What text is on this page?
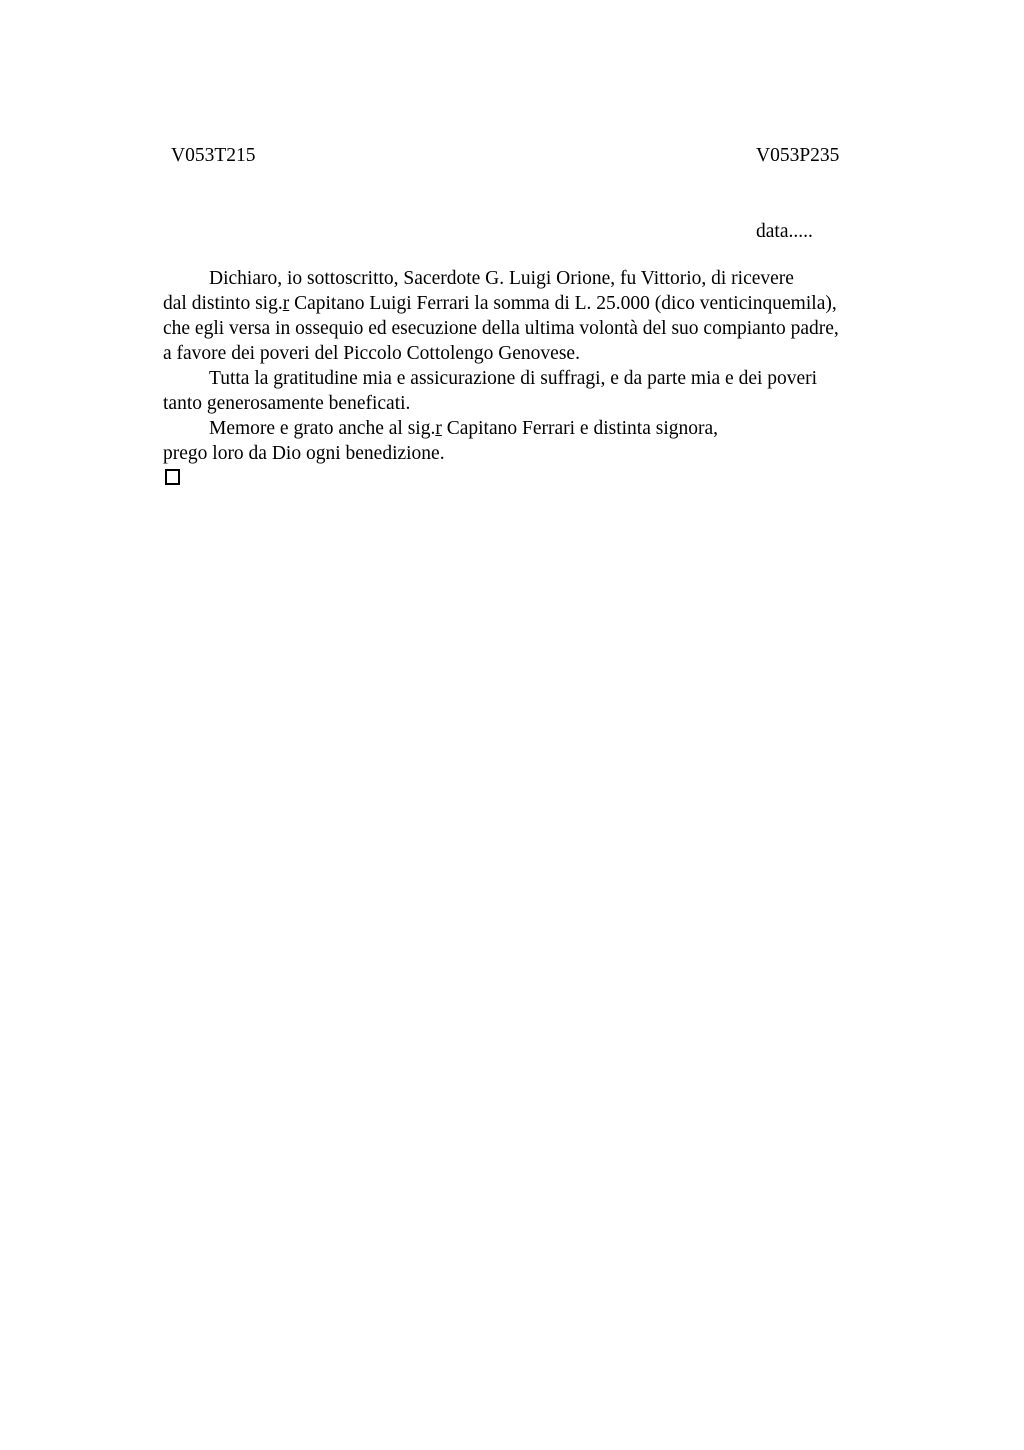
V053T215	V053P235
data.....
Dichiaro, io sottoscritto, Sacerdote G. Luigi Orione, fu Vittorio, di ricevere
dal distinto sig.r Capitano Luigi Ferrari la somma di L. 25.000 (dico venticinquemila),
che egli versa in ossequio ed esecuzione della ultima volontà del suo compianto padre,
a favore dei poveri del Piccolo Cottolengo Genovese.
Tutta la gratitudine mia e assicurazione di suffragi, e da parte mia e dei poveri
tanto generosamente beneficati.
Memore e grato anche al sig.r Capitano Ferrari e distinta signora,
prego loro da Dio ogni benedizione.
